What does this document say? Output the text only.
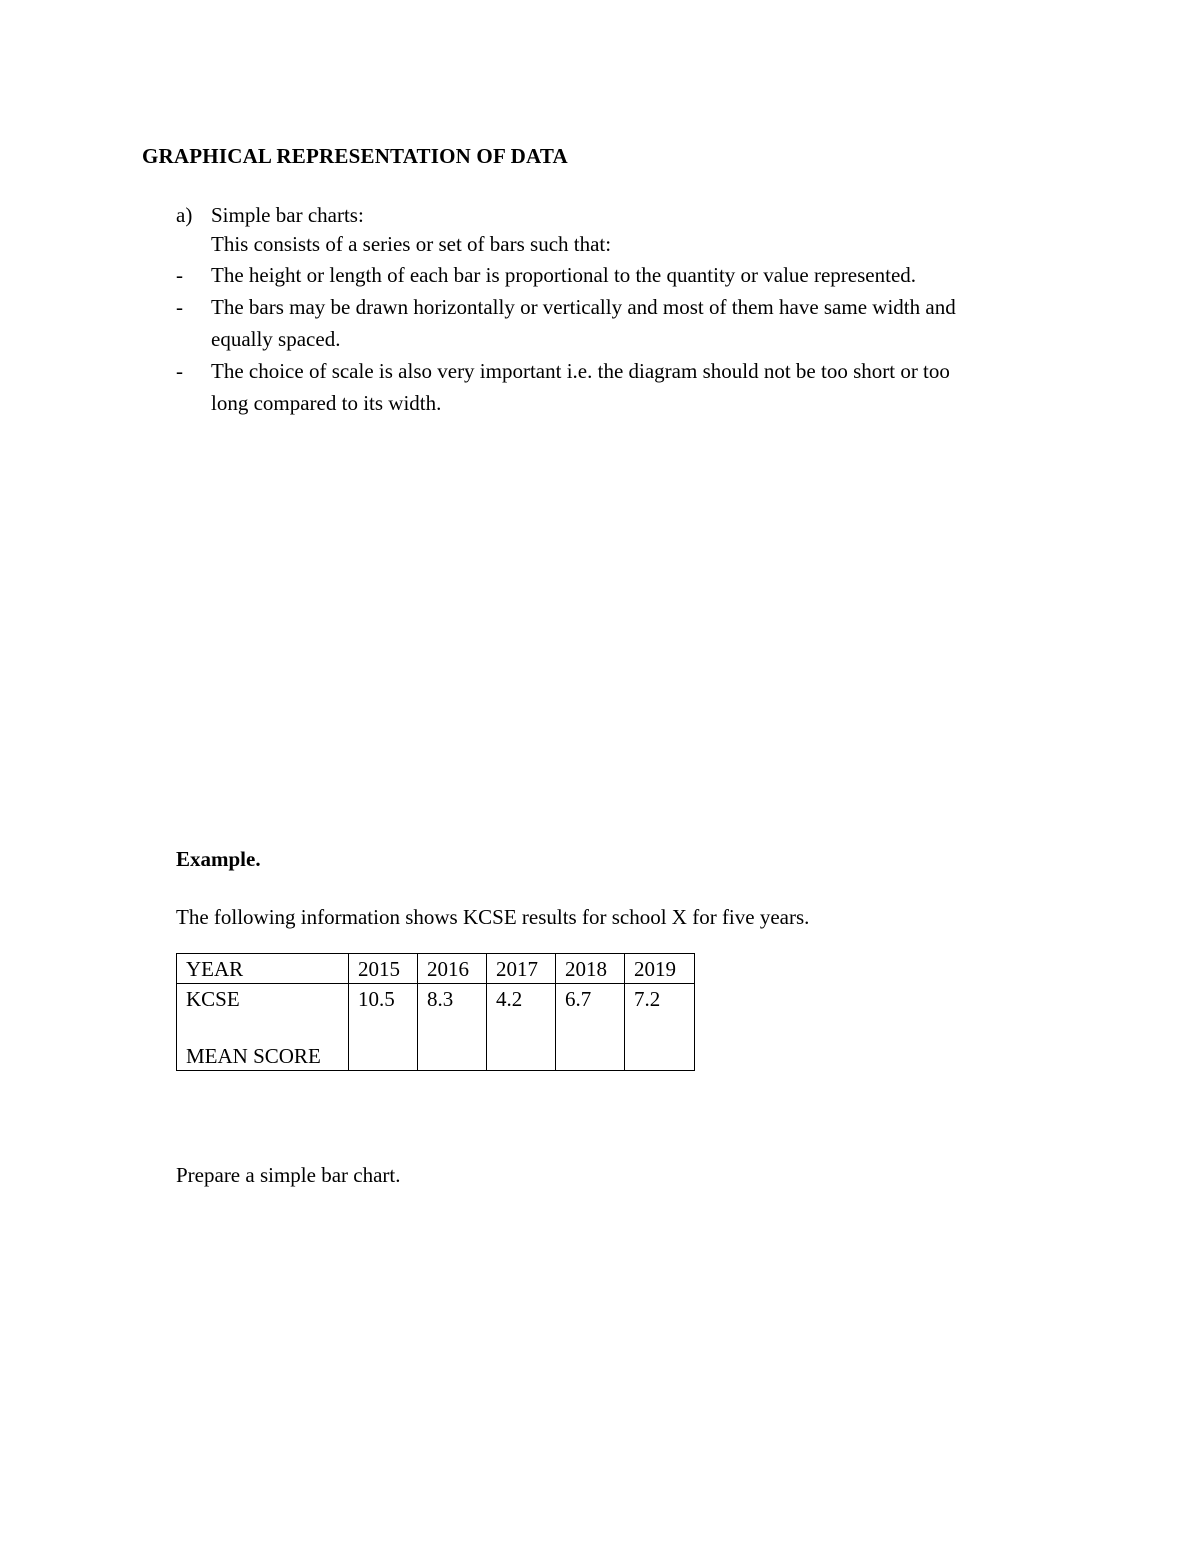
GRAPHICAL REPRESENTATION OF DATA
a) Simple bar charts:
This consists of a series or set of bars such that:
- The height or length of each bar is proportional to the quantity or value represented.
- The bars may be drawn horizontally or vertically and most of them have same width and
equally spaced.
- The choice of scale is also very important i.e. the diagram should not be too short or too
long compared to its width.
Example.
The following information shows KCSE results for school X for five years.
YEAR	2015	2016	2017	2018	2019

KCSE
MEAN SCORE	10.5	8.3	4.2	6.7	7.2
Prepare a simple bar chart.
